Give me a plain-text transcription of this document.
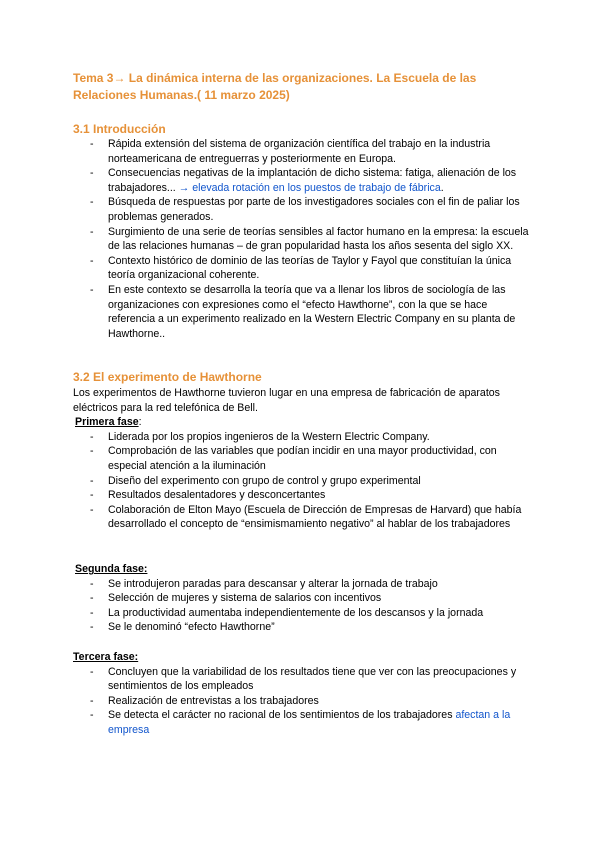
Tema 3→ La dinámica interna de las organizaciones. La Escuela de las Relaciones Humanas.( 11 marzo 2025)
3.1 Introducción
- Rápida extensión del sistema de organización científica del trabajo en la industria norteamericana de entreguerras y posteriormente en Europa.
- Consecuencias negativas de la implantación de dicho sistema: fatiga, alienación de los trabajadores... → elevada rotación en los puestos de trabajo de fábrica.
- Búsqueda de respuestas por parte de los investigadores sociales con el fin de paliar los problemas generados.
- Surgimiento de una serie de teorías sensibles al factor humano en la empresa: la escuela de las relaciones humanas – de gran popularidad hasta los años sesenta del siglo XX.
- Contexto histórico de dominio de las teorías de Taylor y Fayol que constituían la única teoría organizacional coherente.
- En este contexto se desarrolla la teoría que va a llenar los libros de sociología de las organizaciones con expresiones como el “efecto Hawthorne”, con la que se hace referencia a un experimento realizado en la Western Electric Company en su planta de Hawthorne..
3.2 El experimento de Hawthorne

Los experimentos de Hawthorne tuvieron lugar en una empresa de fabricación de aparatos eléctricos para la red telefónica de Bell.

Primera fase:
- Liderada por los propios ingenieros de la Western Electric Company.
- Comprobación de las variables que podían incidir en una mayor productividad, con especial atención a la iluminación
- Diseño del experimento con grupo de control y grupo experimental
- Resultados desalentadores y desconcertantes
- Colaboración de Elton Mayo (Escuela de Dirección de Empresas de Harvard) que había desarrollado el concepto de “ensimismamiento negativo” al hablar de los trabajadores
Segunda fase:
- Se introdujeron paradas para descansar y alterar la jornada de trabajo
- Selección de mujeres y sistema de salarios con incentivos
- La productividad aumentaba independientemente de los descansos y la jornada
- Se le denominó “efecto Hawthorne”
Tercera fase:
- Concluyen que la variabilidad de los resultados tiene que ver con las preocupaciones y sentimientos de los empleados
- Realización de entrevistas a los trabajadores
- Se detecta el carácter no racional de los sentimientos de los trabajadores afectan a la empresa
